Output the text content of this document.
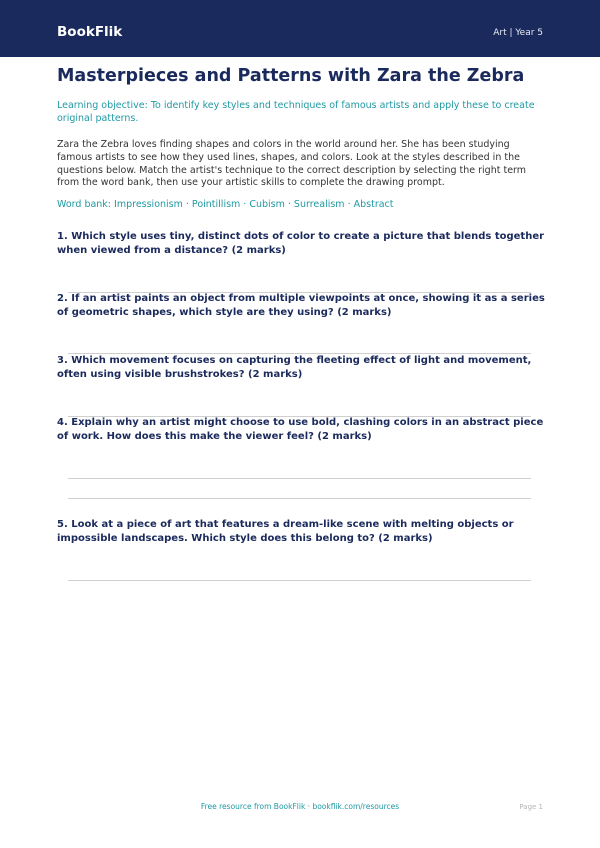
BookFlik	Art | Year 5
Masterpieces and Patterns with Zara the Zebra
Learning objective: To identify key styles and techniques of famous artists and apply these to create original patterns.
Zara the Zebra loves finding shapes and colors in the world around her. She has been studying famous artists to see how they used lines, shapes, and colors. Look at the styles described in the questions below. Match the artist's technique to the correct description by selecting the right term from the word bank, then use your artistic skills to complete the drawing prompt.
Word bank: Impressionism · Pointillism · Cubism · Surrealism · Abstract
1. Which style uses tiny, distinct dots of color to create a picture that blends together when viewed from a distance? (2 marks)
2. If an artist paints an object from multiple viewpoints at once, showing it as a series of geometric shapes, which style are they using? (2 marks)
3. Which movement focuses on capturing the fleeting effect of light and movement, often using visible brushstrokes? (2 marks)
4. Explain why an artist might choose to use bold, clashing colors in an abstract piece of work. How does this make the viewer feel? (2 marks)
5. Look at a piece of art that features a dream-like scene with melting objects or impossible landscapes. Which style does this belong to? (2 marks)
Free resource from BookFlik · bookflik.com/resources	Page 1
